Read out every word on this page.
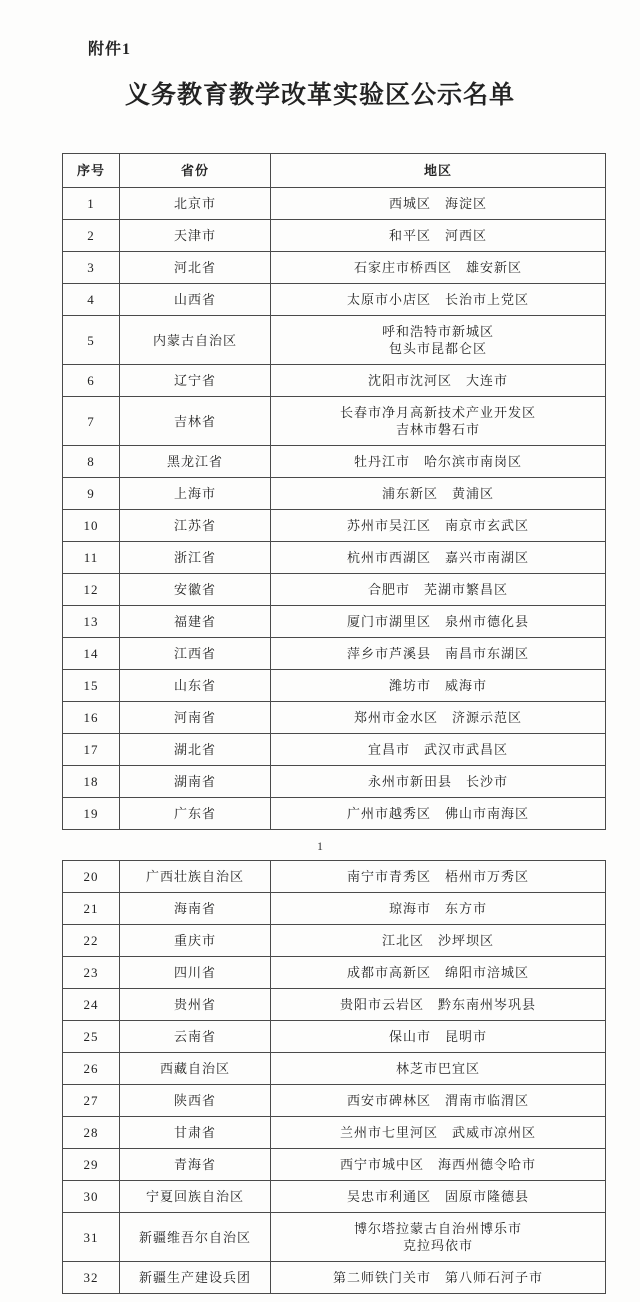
附件1
义务教育教学改革实验区公示名单
序号	省份	地区
1	北京市	西城区　海淀区

2	天津市	和平区　河西区

3	河北省	石家庄市桥西区　雄安新区

4	山西省	太原市小店区　长治市上党区

5	内蒙古自治区	呼和浩特市新城区
包头市昆都仑区

6	辽宁省	沈阳市沈河区　大连市

7	吉林省	长春市净月高新技术产业开发区
吉林市磐石市

8	黑龙江省	牡丹江市　哈尔滨市南岗区

9	上海市	浦东新区　黄浦区

10	江苏省	苏州市吴江区　南京市玄武区

11	浙江省	杭州市西湖区　嘉兴市南湖区

12	安徽省	合肥市　芜湖市繁昌区

13	福建省	厦门市湖里区　泉州市德化县

14	江西省	萍乡市芦溪县　南昌市东湖区

15	山东省	潍坊市　威海市

16	河南省	郑州市金水区　济源示范区

17	湖北省	宜昌市　武汉市武昌区

18	湖南省	永州市新田县　长沙市

19	广东省	广州市越秀区　佛山市南海区
1
20	广西壮族自治区	南宁市青秀区　梧州市万秀区

21	海南省	琼海市　东方市

22	重庆市	江北区　沙坪坝区

23	四川省	成都市高新区　绵阳市涪城区

24	贵州省	贵阳市云岩区　黔东南州岑巩县

25	云南省	保山市　昆明市

26	西藏自治区	林芝市巴宜区

27	陕西省	西安市碑林区　渭南市临渭区

28	甘肃省	兰州市七里河区　武威市凉州区

29	青海省	西宁市城中区　海西州德令哈市

30	宁夏回族自治区	吴忠市利通区　固原市隆德县

31	新疆维吾尔自治区	博尔塔拉蒙古自治州博乐市
克拉玛依市

32	新疆生产建设兵团	第二师铁门关市　第八师石河子市
